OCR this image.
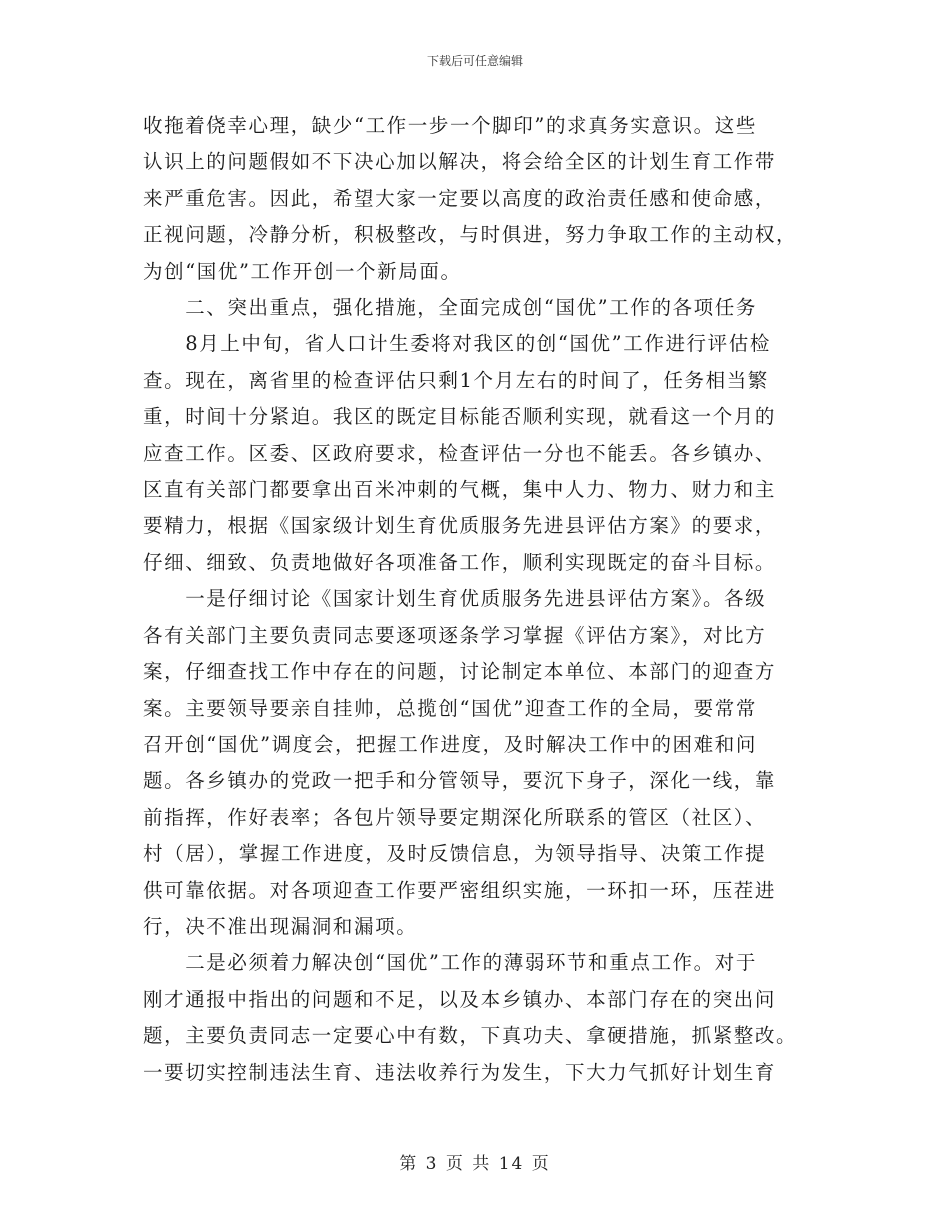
下载后可任意编辑

收拖着侥幸心理，缺少“工作一步一个脚印”的求真务实意识。这些
认识上的问题假如不下决心加以解决，将会给全区的计划生育工作带
来严重危害。因此，希望大家一定要以高度的政治责任感和使命感，
正视问题，冷静分析，积极整改，与时俱进，努力争取工作的主动权，
为创“国优”工作开创一个新局面。

　　二、突出重点，强化措施，全面完成创“国优”工作的各项任务

　　8月上中旬，省人口计生委将对我区的创“国优”工作进行评估检
查。现在，离省里的检查评估只剩1个月左右的时间了，任务相当繁
重，时间十分紧迫。我区的既定目标能否顺利实现，就看这一个月的
应查工作。区委、区政府要求，检查评估一分也不能丢。各乡镇办、
区直有关部门都要拿出百米冲刺的气概，集中人力、物力、财力和主
要精力，根据《国家级计划生育优质服务先进县评估方案》的要求，
仔细、细致、负责地做好各项准备工作，顺利实现既定的奋斗目标。

　　一是仔细讨论《国家计划生育优质服务先进县评估方案》。各级
各有关部门主要负责同志要逐项逐条学习掌握《评估方案》，对比方
案，仔细查找工作中存在的问题，讨论制定本单位、本部门的迎查方
案。主要领导要亲自挂帅，总揽创“国优”迎查工作的全局，要常常
召开创“国优”调度会，把握工作进度，及时解决工作中的困难和问
题。各乡镇办的党政一把手和分管领导，要沉下身子，深化一线，靠
前指挥，作好表率；各包片领导要定期深化所联系的管区（社区）、
村（居），掌握工作进度，及时反馈信息，为领导指导、决策工作提
供可靠依据。对各项迎查工作要严密组织实施，一环扣一环，压茬进
行，决不准出现漏洞和漏项。

　　二是必须着力解决创“国优”工作的薄弱环节和重点工作。对于
刚才通报中指出的问题和不足，以及本乡镇办、本部门存在的突出问
题，主要负责同志一定要心中有数，下真功夫、拿硬措施，抓紧整改。
一要切实控制违法生育、违法收养行为发生，下大力气抓好计划生育

第 3 页 共 14 页
